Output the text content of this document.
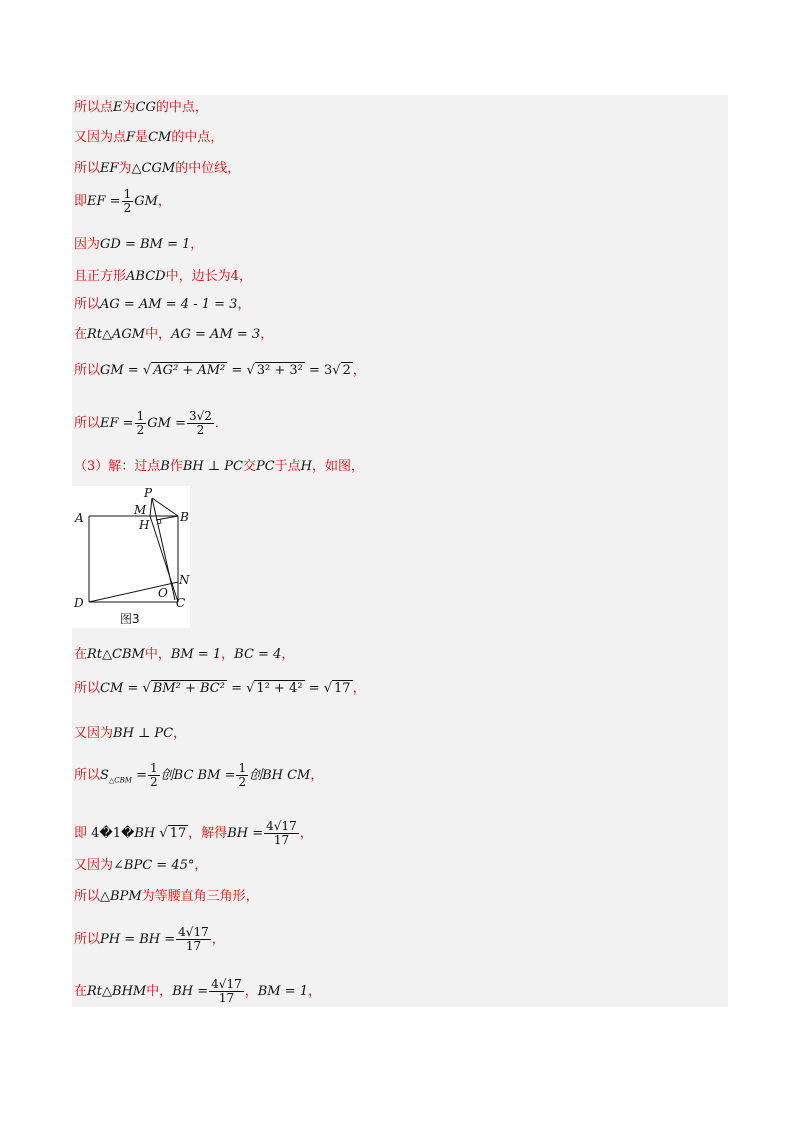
所以点E为CG的中点，
又因为点F是CM的中点，
所以EF为△CGM的中位线，
即EF = $\frac{1}{2}$ GM，
因为GD = BM = 1，
且正方形ABCD中，边长为4，
所以AG = AM = 4 - 1 = 3，
在Rt△AGM中，AG = AM = 3，
所以GM = √ AG² + AM² = √ 3² + 3² = 3√ 2 ，
所以EF = $\frac{1}{2}$ GM = $\frac{3√2}{2}$ ．
（3）解：过点B作BH ⊥ PC交PC于点H，如图，
P
M
A	B
H
N
D
O
C
图3
在Rt△CBM中，BM = 1，BC = 4，
所以CM = √ BM² + BC² = √ 1² + 4² = √ 17 ，
又因为BH ⊥ PC，
所以$S_{\triangle CBM} = \frac{1}{2}$ 创BC BM = $\frac{1}{2}$ 创BH CM，
即 4�1�BH √ 17 ，解得BH = $\frac{4√17}{17}$ ，
又因为∠BPC = 45°，
所以△BPM为等腰直角三角形，
所以PH = BH = $\frac{4√17}{17}$ ，
在Rt△BHM中，BH = $\frac{4√17}{17}$ ，BM = 1，
